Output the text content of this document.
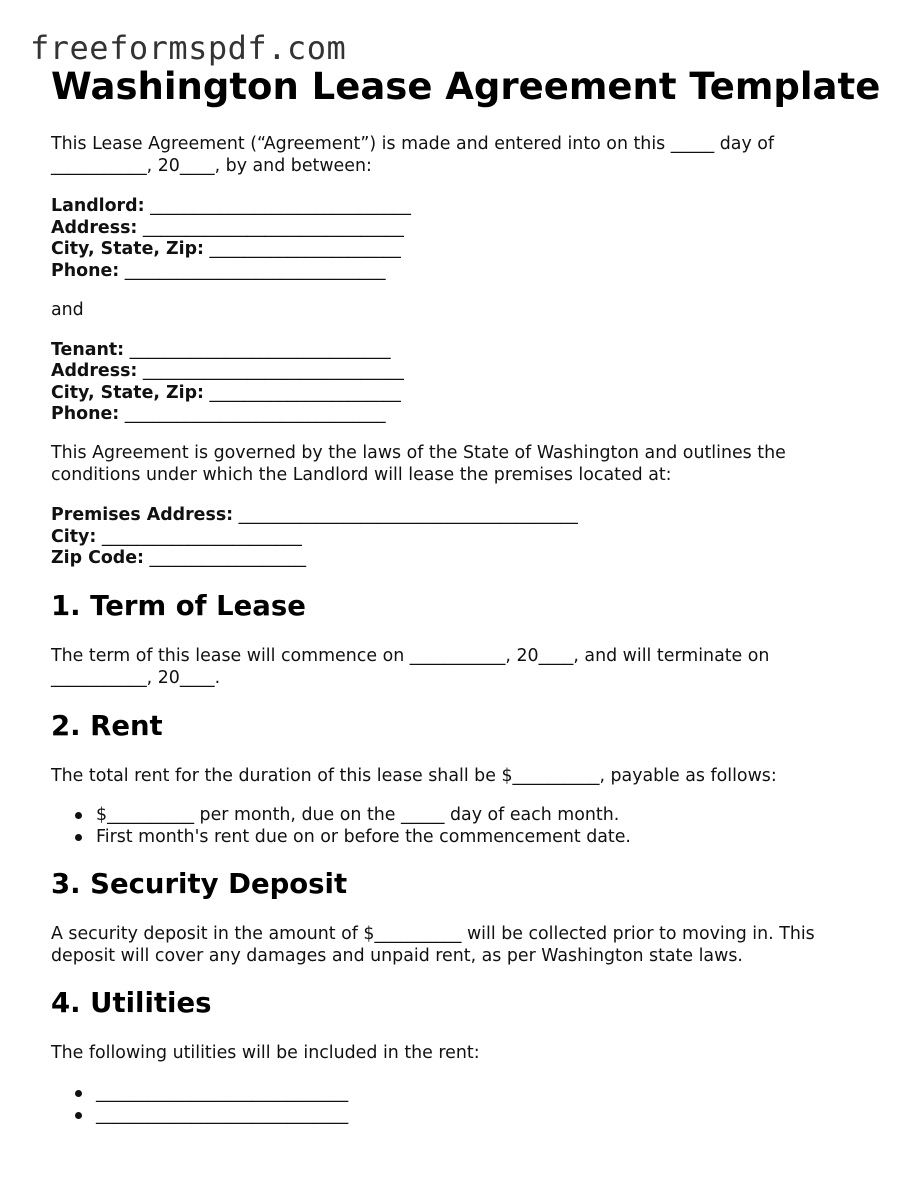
freeformspdf.com
Washington Lease Agreement Template

This Lease Agreement (“Agreement”) is made and entered into on this _____ day of ___________, 20____, by and between:

Landlord: ______________________________
Address: ______________________________
City, State, Zip: ______________________
Phone: ______________________________
and
Tenant: ______________________________
Address: ______________________________
City, State, Zip: ______________________
Phone: ______________________________

This Agreement is governed by the laws of the State of Washington and outlines the conditions under which the Landlord will lease the premises located at:

Premises Address: _______________________________________
City: _______________________
Zip Code: __________________
1. Term of Lease

The term of this lease will commence on ___________, 20____, and will terminate on ___________, 20____.

2. Rent

The total rent for the duration of this lease shall be $__________, payable as follows:

$__________ per month, due on the _____ day of each month.
First month's rent due on or before the commencement date.
3. Security Deposit

A security deposit in the amount of $__________ will be collected prior to moving in. This deposit will cover any damages and unpaid rent, as per Washington state laws.

4. Utilities

The following utilities will be included in the rent:

_____________________________
_____________________________
